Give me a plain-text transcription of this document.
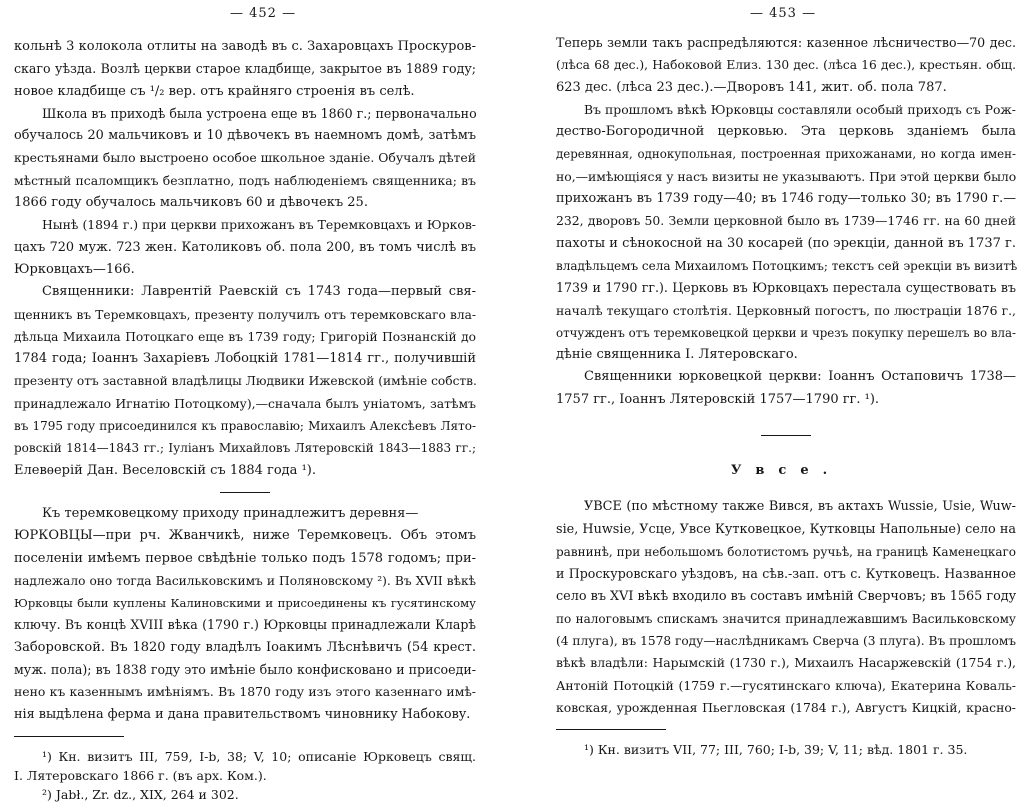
— 452 —
кольнѣ 3 колокола отлиты на заводѣ въ с. Захаровцахъ Проскуров-
скаго уѣзда. Возлѣ церкви старое кладбище, закрытое въ 1889 году;
новое кладбище съ ¹/₂ вер. отъ крайняго строенія въ селѣ.
Школа въ приходѣ была устроена еще въ 1860 г.; первоначально
обучалось 20 мальчиковъ и 10 дѣвочекъ въ наемномъ домѣ, затѣмъ
крестьянами было выстроено особое школьное зданіе. Обучалъ дѣтей
мѣстный псаломщикъ безплатно, подъ наблюденіемъ священника; въ
1866 году обучалось мальчиковъ 60 и дѣвочекъ 25.
Нынѣ (1894 г.) при церкви прихожанъ въ Теремковцахъ и Юрков-
цахъ 720 муж. 723 жен. Католиковъ об. пола 200, въ томъ числѣ въ
Юрковцахъ—166.
Священники: Лаврентій Раевскій съ 1743 года—первый свя-
щенникъ въ Теремковцахъ, презенту получилъ отъ теремковскаго вла-
дѣльца Михаила Потоцкаго еще въ 1739 году; Григорій Познанскій до
1784 года; Іоаннъ Захаріевъ Лобоцкій 1781—1814 гг., получившій
презенту отъ заставной владѣлицы Людвики Ижевской (имѣніе собств.
принадлежало Игнатію Потоцкому),—сначала былъ уніатомъ, затѣмъ
въ 1795 году присоединился къ православію; Михаилъ Алексѣевъ Лято-
ровскій 1814—1843 гг.; Іуліанъ Михайловъ Лятеровскій 1843—1883 гг.;
Елевѳерій Дан. Веселовскій съ 1884 года ¹).
Къ теремковецкому приходу принадлежитъ деревня—
ЮРКОВЦЫ—при рч. Жванчикѣ, ниже Теремковецъ. Объ этомъ
поселеніи имѣемъ первое свѣдѣніе только подъ 1578 годомъ; при-
надлежало оно тогда Васильковскимъ и Поляновскому ²). Въ XVII вѣкѣ
Юрковцы были куплены Калиновскими и присоединены къ гусятинскому
ключу. Въ концѣ XVIII вѣка (1790 г.) Юрковцы принадлежали Кларѣ
Заборовской. Въ 1820 году владѣлъ Іоакимъ Лѣснѣвичъ (54 крест.
муж. пола); въ 1838 году это имѣніе было конфисковано и присоеди-
нено къ казеннымъ имѣніямъ. Въ 1870 году изъ этого казеннаго имѣ-
нія выдѣлена ферма и дана правительствомъ чиновнику Набокову.
¹) Кн. визитъ III, 759, I-b, 38; V, 10; описаніе Юрковецъ свящ.
I. Лятеровскаго 1866 г. (въ арх. Ком.).
²) Jabł., Zr. dz., XIX, 264 и 302.
— 453 —
Теперь земли такъ распредѣляются: казенное лѣсничество—70 дес.
(лѣса 68 дес.), Набоковой Елиз. 130 дес. (лѣса 16 дес.), крестьян. общ.
623 дес. (лѣса 23 дес.).—Дворовъ 141, жит. об. пола 787.
Въ прошломъ вѣкѣ Юрковцы составляли особый приходъ съ Рож-
дество-Богородичной церковью. Эта церковь зданіемъ была
деревянная, однокупольная, построенная прихожанами, но когда имен-
но,—имѣющіяся у насъ визиты не указываютъ. При этой церкви было
прихожанъ въ 1739 году—40; въ 1746 году—только 30; въ 1790 г.—
232, дворовъ 50. Земли церковной было въ 1739—1746 гг. на 60 дней
пахоты и сѣнокосной на 30 косарей (по эрекціи, данной въ 1737 г.
владѣльцемъ села Михаиломъ Потоцкимъ; текстъ сей эрекціи въ визитѣ
1739 и 1790 гг.). Церковь въ Юрковцахъ перестала существовать въ
началѣ текущаго столѣтія. Церковный погостъ, по люстраціи 1876 г.,
отчужденъ отъ теремковецкой церкви и чрезъ покупку перешелъ во вла-
дѣніе священника I. Лятеровскаго.
Священники юрковецкой церкви: Іоаннъ Остаповичъ 1738—
1757 гг., Іоаннъ Лятеровскій 1757—1790 гг. ¹).
Увсе.
УВСЕ (по мѣстному также Вився, въ актахъ Wussie, Usie, Wuw-
sie, Huwsie, Усце, Увсе Кутковецкое, Кутковцы Напольные) село на
равнинѣ, при небольшомъ болотистомъ ручьѣ, на границѣ Каменецкаго
и Проскуровскаго уѣздовъ, на сѣв.-зап. отъ с. Кутковецъ. Названное
село въ XVI вѣкѣ входило въ составъ имѣній Сверчовъ; въ 1565 году
по налоговымъ спискамъ значится принадлежавшимъ Васильковскому
(4 плуга), въ 1578 году—наслѣдникамъ Сверча (3 плуга). Въ прошломъ
вѣкѣ владѣли: Нарымскій (1730 г.), Михаилъ Насаржевскій (1754 г.),
Антоній Потоцкій (1759 г.—гусятинскаго ключа), Екатерина Коваль-
ковская, урожденная Пьегловская (1784 г.), Августъ Кицкій, красно-
¹) Кн. визитъ VII, 77; III, 760; I-b, 39; V, 11; вѣд. 1801 г. 35.
